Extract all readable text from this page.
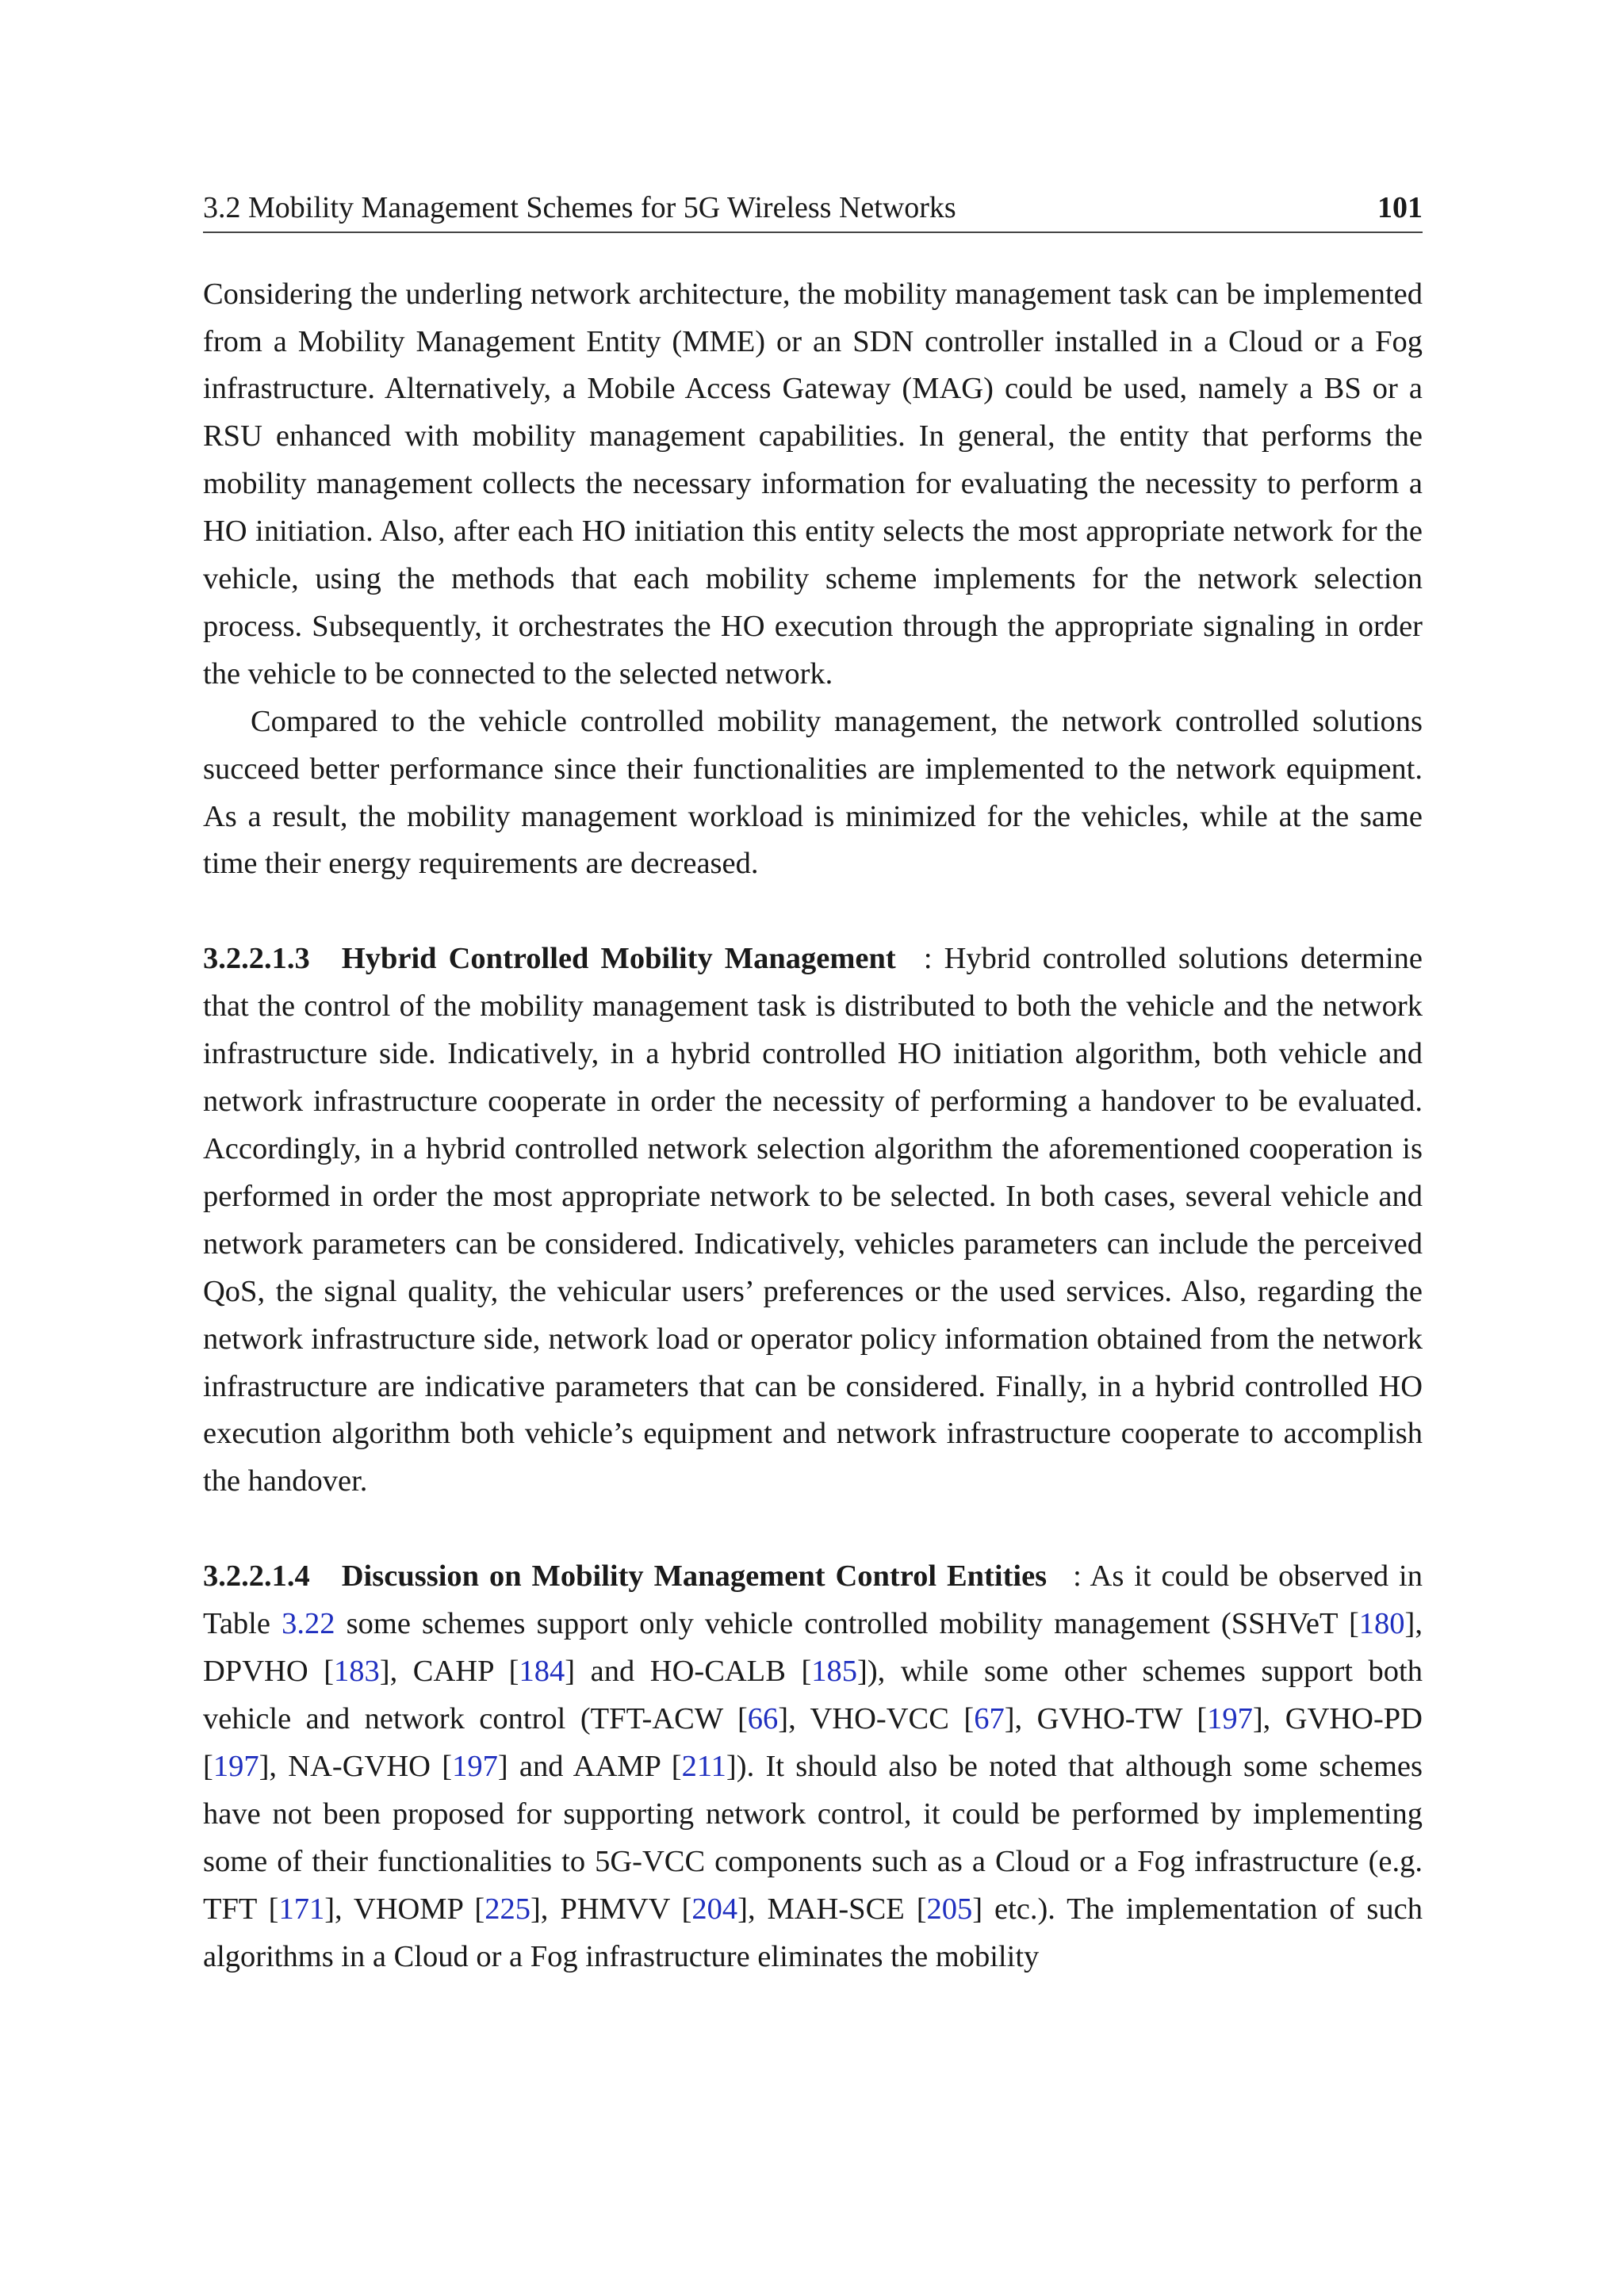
3.2 Mobility Management Schemes for 5G Wireless Networks	101

Considering the underling network architecture, the mobility management task can be implemented from a Mobility Management Entity (MME) or an SDN controller installed in a Cloud or a Fog infrastructure. Alternatively, a Mobile Access Gateway (MAG) could be used, namely a BS or a RSU enhanced with mobility management capabilities. In general, the entity that performs the mobility management collects the necessary information for evaluating the necessity to perform a HO initiation. Also, after each HO initiation this entity selects the most appropriate network for the vehicle, using the methods that each mobility scheme implements for the network selection process. Subsequently, it orchestrates the HO execution through the appropriate signaling in order the vehicle to be connected to the selected network.

Compared to the vehicle controlled mobility management, the network controlled solutions succeed better performance since their functionalities are implemented to the network equipment. As a result, the mobility management workload is minimized for the vehicles, while at the same time their energy requirements are decreased.

3.2.2.1.3 Hybrid Controlled Mobility Management : Hybrid controlled solutions determine that the control of the mobility management task is distributed to both the vehicle and the network infrastructure side. Indicatively, in a hybrid controlled HO initiation algorithm, both vehicle and network infrastructure cooperate in order the necessity of performing a handover to be evaluated. Accordingly, in a hybrid controlled network selection algorithm the aforementioned cooperation is performed in order the most appropriate network to be selected. In both cases, several vehicle and network parameters can be considered. Indicatively, vehicles parameters can include the perceived QoS, the signal quality, the vehicular users’ preferences or the used services. Also, regarding the network infrastructure side, network load or operator policy information obtained from the network infrastructure are indicative parameters that can be considered. Finally, in a hybrid controlled HO execution algorithm both vehicle’s equipment and network infrastructure cooperate to accomplish the handover.

3.2.2.1.4 Discussion on Mobility Management Control Entities : As it could be observed in Table 3.22 some schemes support only vehicle controlled mobility management (SSHVeT [180], DPVHO [183], CAHP [184] and HO-CALB [185]), while some other schemes support both vehicle and network control (TFT-ACW [66], VHO-VCC [67], GVHO-TW [197], GVHO-PD [197], NA-GVHO [197] and AAMP [211]). It should also be noted that although some schemes have not been proposed for supporting network control, it could be performed by implementing some of their functionalities to 5G-VCC components such as a Cloud or a Fog infrastructure (e.g. TFT [171], VHOMP [225], PHMVV [204], MAH-SCE [205] etc.). The implementation of such algorithms in a Cloud or a Fog infrastructure eliminates the mobility
